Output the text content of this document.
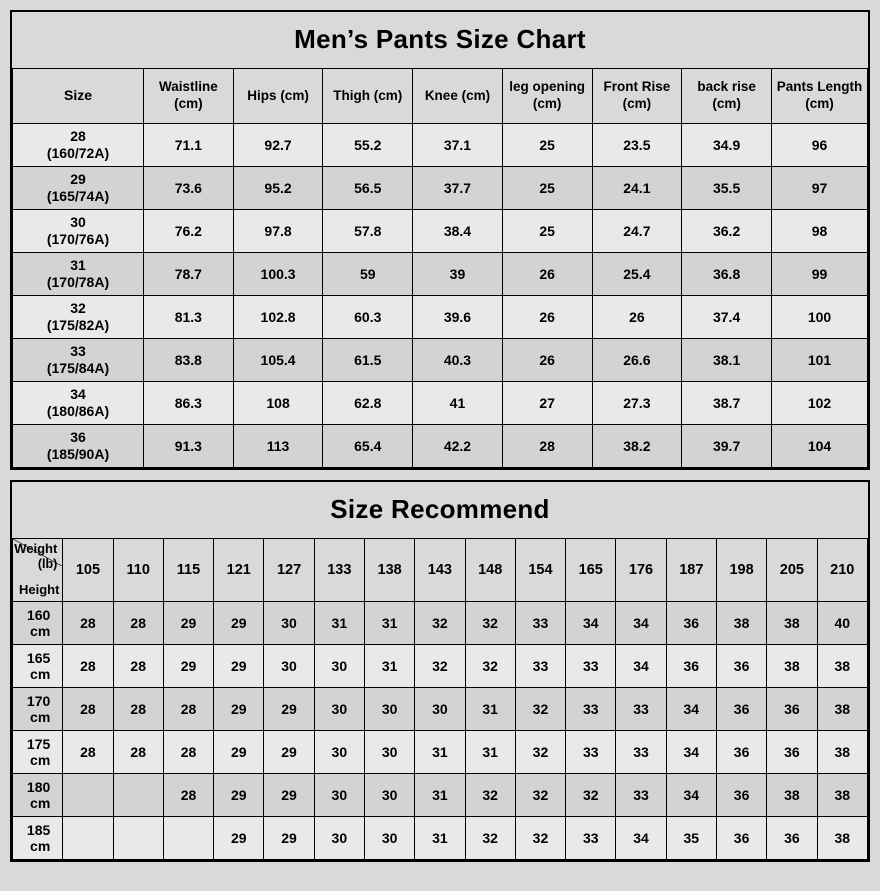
Men’s Pants Size Chart
Size	Waistline (cm)	Hips (cm)	Thigh (cm)	Knee (cm)	leg opening (cm)	Front Rise (cm)	back rise (cm)	Pants Length (cm)
28
(160/72A)	71.1	92.7	55.2	37.1	25	23.5	34.9	96
29
(165/74A)	73.6	95.2	56.5	37.7	25	24.1	35.5	97
30
(170/76A)	76.2	97.8	57.8	38.4	25	24.7	36.2	98
31
(170/78A)	78.7	100.3	59	39	26	25.4	36.8	99
32
(175/82A)	81.3	102.8	60.3	39.6	26	26	37.4	100
33
(175/84A)	83.8	105.4	61.5	40.3	26	26.6	38.1	101
34
(180/86A)	86.3	108	62.8	41	27	27.3	38.7	102
36
(185/90A)	91.3	113	65.4	42.2	28	38.2	39.7	104
Size Recommend
Weight
(lb)
Height	105	110	115	121	127	133	138	143	148	154	165	176	187	198	205	210
160 cm	28	28	29	29	30	31	31	32	32	33	34	34	36	38	38	40
165 cm	28	28	29	29	30	30	31	32	32	33	33	34	36	36	38	38
170 cm	28	28	28	29	29	30	30	30	31	32	33	33	34	36	36	38
175 cm	28	28	28	29	29	30	30	31	31	32	33	33	34	36	36	38
180 cm			28	29	29	30	30	31	32	32	32	33	34	36	38	38
185 cm				29	29	30	30	31	32	32	33	34	35	36	36	38
